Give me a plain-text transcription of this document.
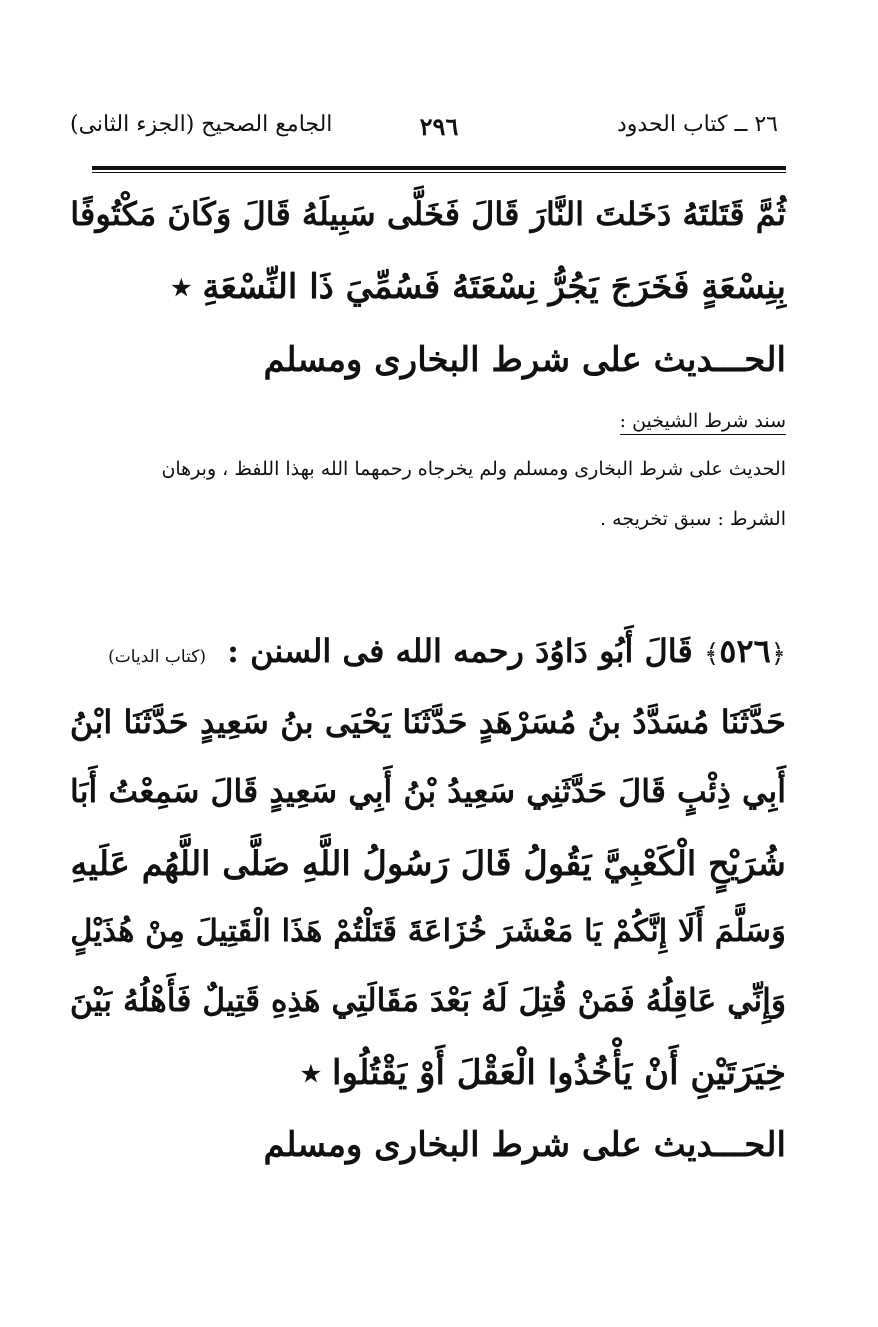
٢٦ ــ كتاب الحدود
٢٩٦
الجامع الصحيح (الجزء الثانى)
ثُمَّ قَتَلتَهُ دَخَلتَ النَّارَ قَالَ فَخَلَّى سَبِيلَهُ قَالَ وَكَانَ مَكْتُوفًا
بِنِسْعَةٍ فَخَرَجَ يَجُرُّ نِسْعَتَهُ فَسُمِّيَ ذَا النِّسْعَةِ ⭑
الحـــديث على شرط البخارى ومسلم
سند شرط الشيخين :
الحديث على شرط البخارى ومسلم ولم يخرجاه رحمهما الله بهذا اللفظ ، وبرهان
الشرط : سبق تخريجه .
﴿٥٢٦﴾ قَالَ أَبُو دَاوُدَ رحمه الله فى السنن : (كتاب الديات)
حَدَّثَنَا مُسَدَّدُ بنُ مُسَرْهَدٍ حَدَّثَنَا يَحْيَى بنُ سَعِيدٍ حَدَّثَنَا ابْنُ
أَبِي ذِئْبٍ قَالَ حَدَّثَنِي سَعِيدُ بْنُ أَبِي سَعِيدٍ قَالَ سَمِعْتُ أَبَا
شُرَيْحٍ الْكَعْبِيَّ يَقُولُ قَالَ رَسُولُ اللَّهِ صَلَّى اللَّهُم عَلَيهِ
وَسَلَّمَ أَلَا إِنَّكُمْ يَا مَعْشَرَ خُزَاعَةَ قَتَلْتُمْ هَذَا الْقَتِيلَ مِنْ هُذَيْلٍ
وَإِنِّي عَاقِلُهُ فَمَنْ قُتِلَ لَهُ بَعْدَ مَقَالَتِي هَذِهِ قَتِيلٌ فَأَهْلُهُ بَيْنَ
خِيَرَتَيْنِ أَنْ يَأْخُذُوا الْعَقْلَ أَوْ يَقْتُلُوا ⭑
الحـــديث على شرط البخارى ومسلم
